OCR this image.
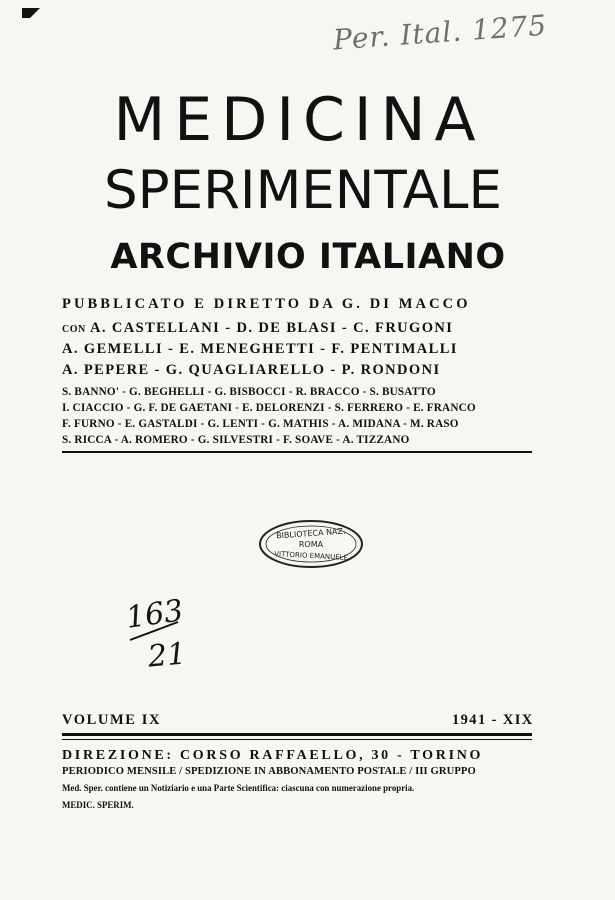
Per. Ital. 1275
MEDICINA
SPERIMENTALE
ARCHIVIO ITALIANO
PUBBLICATO E DIRETTO DA G. DI MACCO
CON A. CASTELLANI - D. DE BLASI - C. FRUGONI
A. GEMELLI - E. MENEGHETTI - F. PENTIMALLI
A. PEPERE - G. QUAGLIARELLO - P. RONDONI
S. BANNO' - G. BEGHELLI - G. BISBOCCI - R. BRACCO - S. BUSATTO
I. CIACCIO - G. F. DE GAETANI - E. DELORENZI - S. FERRERO - E. FRANCO
F. FURNO - E. GASTALDI - G. LENTI - G. MATHIS - A. MIDANA - M. RASO
S. RICCA - A. ROMERO - G. SILVESTRI - F. SOAVE - A. TIZZANO
BIBLIOTECA NAZ.
ROMA
VITTORIO EMANUELE
163
21
VOLUME IX	1941 - XIX
DIREZIONE: CORSO RAFFAELLO, 30 - TORINO
PERIODICO MENSILE / SPEDIZIONE IN ABBONAMENTO POSTALE / III GRUPPO
Med. Sper. contiene un Notiziario e una Parte Scientifica: ciascuna con numerazione propria.
MEDIC. SPERIM.
